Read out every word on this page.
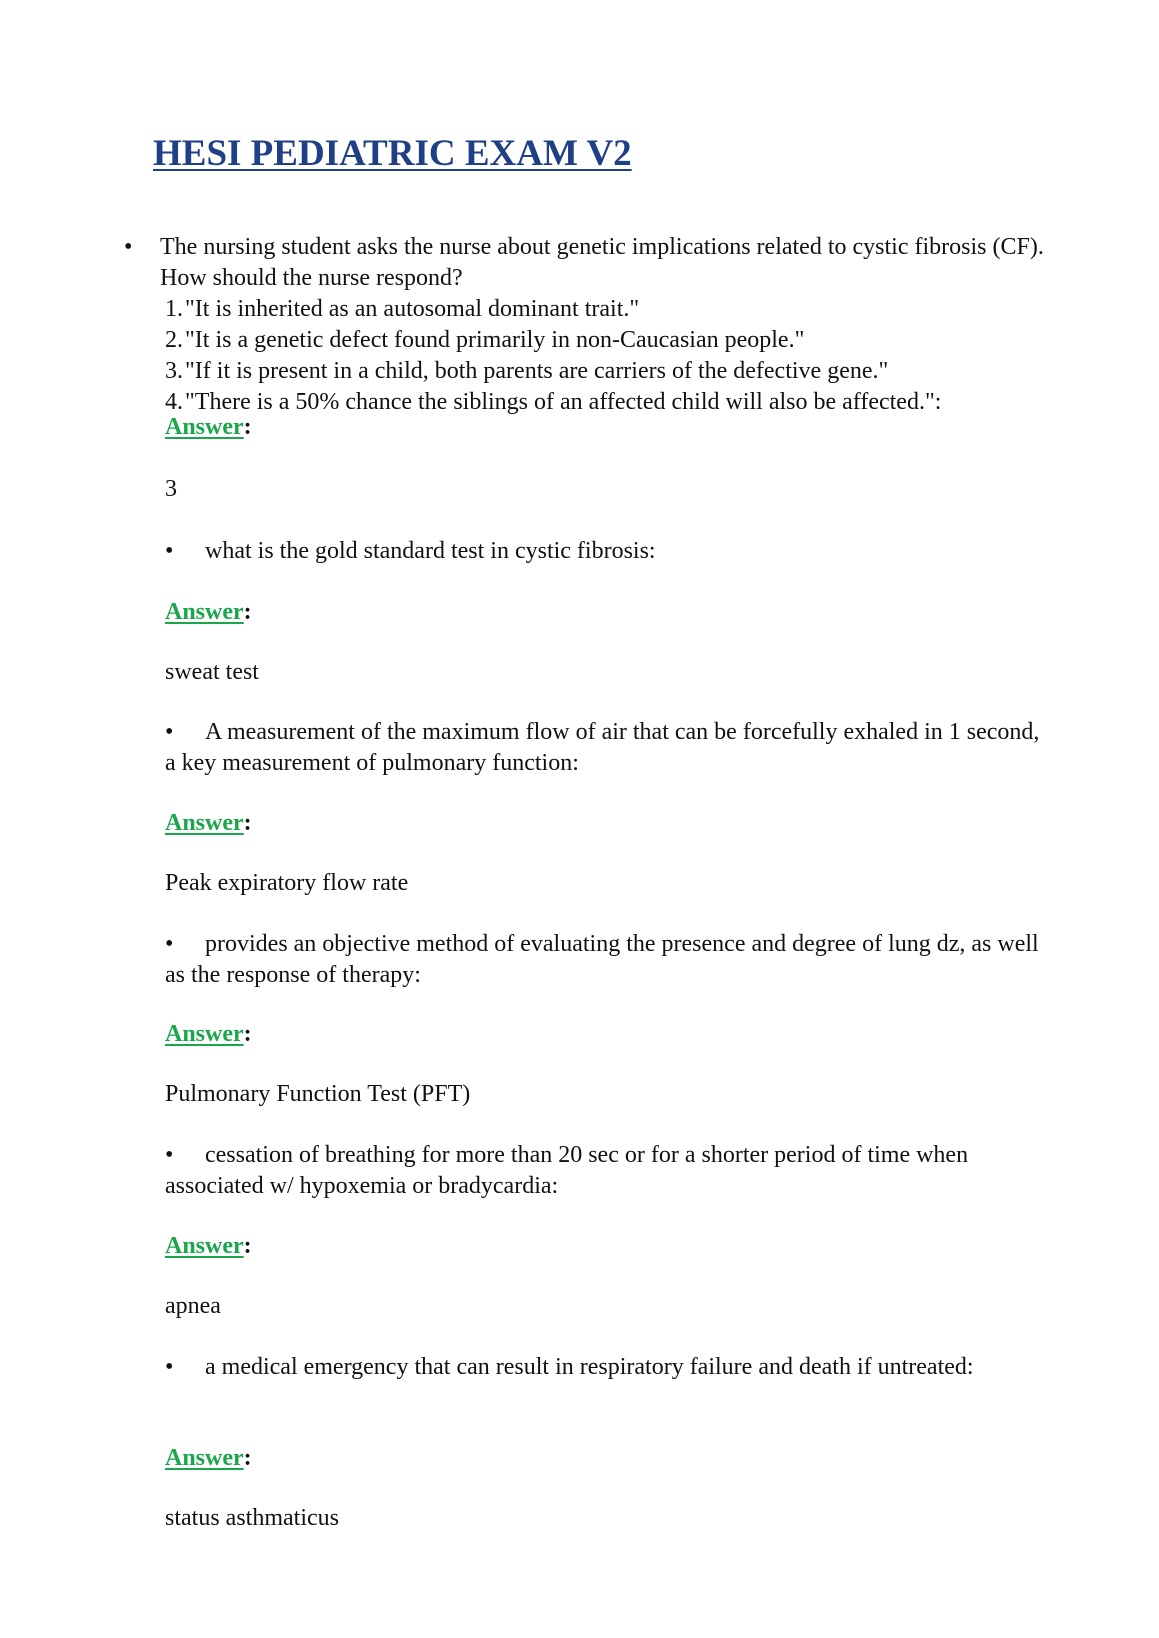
HESI PEDIATRIC EXAM V2
• The nursing student asks the nurse about genetic implications related to cystic fibrosis (CF). How should the nurse respond?
1."It is inherited as an autosomal dominant trait."
2."It is a genetic defect found primarily in non-Caucasian people."
3."If it is present in a child, both parents are carriers of the defective gene."
4."There is a 50% chance the siblings of an affected child will also be affected.":
Answer:
3
• what is the gold standard test in cystic fibrosis:
Answer:
sweat test
• A measurement of the maximum flow of air that can be forcefully exhaled in 1 second, a key measurement of pulmonary function:
Answer:
Peak expiratory flow rate
• provides an objective method of evaluating the presence and degree of lung dz, as well as the response of therapy:
Answer:
Pulmonary Function Test (PFT)
• cessation of breathing for more than 20 sec or for a shorter period of time when associated w/ hypoxemia or bradycardia:
Answer:
apnea
• a medical emergency that can result in respiratory failure and death if untreated:
Answer:
status asthmaticus
